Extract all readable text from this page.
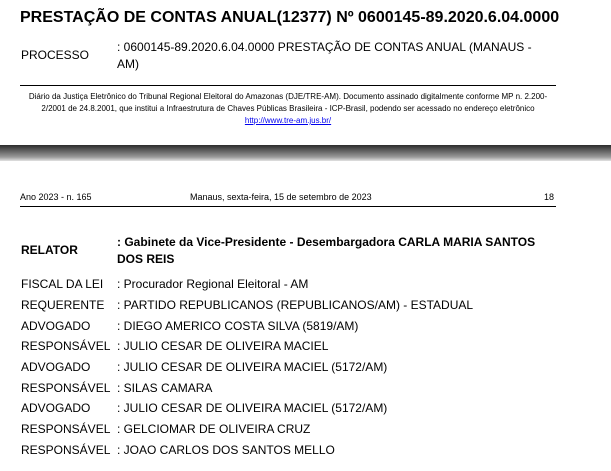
PRESTAÇÃO DE CONTAS ANUAL(12377) Nº 0600145-89.2020.6.04.0000
PROCESSO
: 0600145-89.2020.6.04.0000 PRESTAÇÃO DE CONTAS ANUAL (MANAUS - AM)
Diário da Justiça Eletrônico do Tribunal Regional Eleitoral do Amazonas (DJE/TRE-AM). Documento assinado digitalmente conforme MP n. 2.200-2/2001 de 24.8.2001, que institui a Infraestrutura de Chaves Públicas Brasileira - ICP-Brasil, podendo ser acessado no endereço eletrônico http://www.tre-am.jus.br/
Ano 2023 - n. 165	Manaus, sexta-feira, 15 de setembro de 2023	18
RELATOR
: Gabinete da Vice-Presidente - Desembargadora CARLA MARIA SANTOS DOS REIS
FISCAL DA LEI	: Procurador Regional Eleitoral - AM
REQUERENTE	: PARTIDO REPUBLICANOS (REPUBLICANOS/AM) - ESTADUAL
ADVOGADO	: DIEGO AMERICO COSTA SILVA (5819/AM)
RESPONSÁVEL : JULIO CESAR DE OLIVEIRA MACIEL
ADVOGADO	: JULIO CESAR DE OLIVEIRA MACIEL (5172/AM)
RESPONSÁVEL : SILAS CAMARA
ADVOGADO	: JULIO CESAR DE OLIVEIRA MACIEL (5172/AM)
RESPONSÁVEL : GELCIOMAR DE OLIVEIRA CRUZ
RESPONSÁVEL : JOAO CARLOS DOS SANTOS MELLO
